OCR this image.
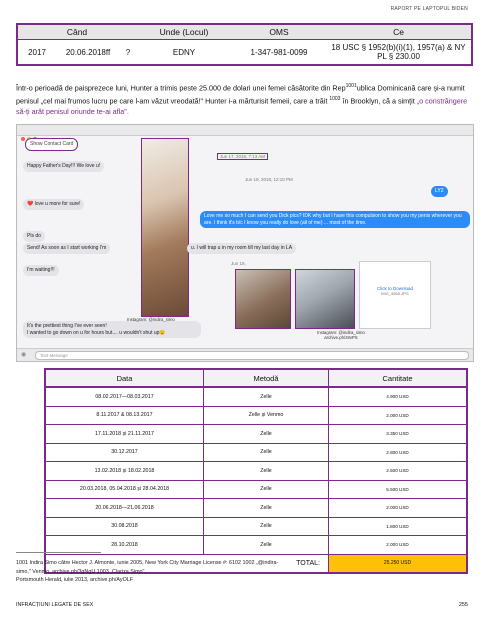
RAPORT PE LAPTOPUL BIDEN
Când			Unde (Locul)	OMS	Ce
2017	20.06.2018ff	?	EDNY	1-347-981-0099	18 USC § 1952(b)(i)(1), 1957(a) & NY PL § 230.00
Într-o perioadă de paisprezece luni, Hunter a trimis peste 25.000 de dolari unei femei căsătorite din Rep$^{1001}$ublica Dominicană care și-a numit penisul „cel mai frumos lucru pe care l-am văzut vreodată!" Hunter i-a mărturisit femeii, care a trăit $^{1003}$ în Brooklyn, că a simțit „o constrângere să-ți arăt penisul oriunde te-ai afla".
Show Contact Card
Happy Father's Day!!! We love u!
❤️ love u more for sure!
Pls do
Send! As soon as I start working I'm
I'm waiting!!!
It's the prettiest thing I've ever seen!
I wanted to go down on u for hours but.... u wouldn't shut up😉
Instagram: @indira_simo
Jun 17, 2018, 7:13 AM
Jun 19, 2018, 12:10 PM
LY2
Love me so much I can send you Dick pics? IDK why but I have this compulsion to show you my penis wherever you are. I think it's b/c I know you really do love (all of me) ... most of the time.
u. I will trap u in my room till my last day in LA
Jun 19,
Click to Download
IMG_4568.JPG
Instagram: @indira_simo
archive.ph/z8vPS
◉	Text Message
Data	Metodă	Cantitate
08.02.2017—08.03.2017	Zelle	4.900 USD
8.11.2017 & 08.13.2017	Zelle și Venmo	2.000 USD
17.11.2018 și 21.11.2017	Zelle	3.350 USD
30.12.2017	Zelle	2.800 USD
13.02.2018 și 18.02.2018	Zelle	2.500 USD
20.03.2018, 05.04.2018 și 28.04.2018	Zelle	5.500 USD
20.06.2018—21.06.2018	Zelle	2.000 USD
30.08.2018	Zelle	1.800 USD
28.10.2018	Zelle	2.000 USD
	TOTAL:	25.250 USD
1001 Indira Simo către Hector J. Almonte, iunie 2005, New York City Marriage License #: 6102 1002 „@indira-
simo," Venmo, archive.ph/3gNgU 1003 „Clariza Simo",
Portsmouth Herald, iulie 2013, archive.ph/AyOLF
INFRACȚIUNI LEGATE DE SEX	255
